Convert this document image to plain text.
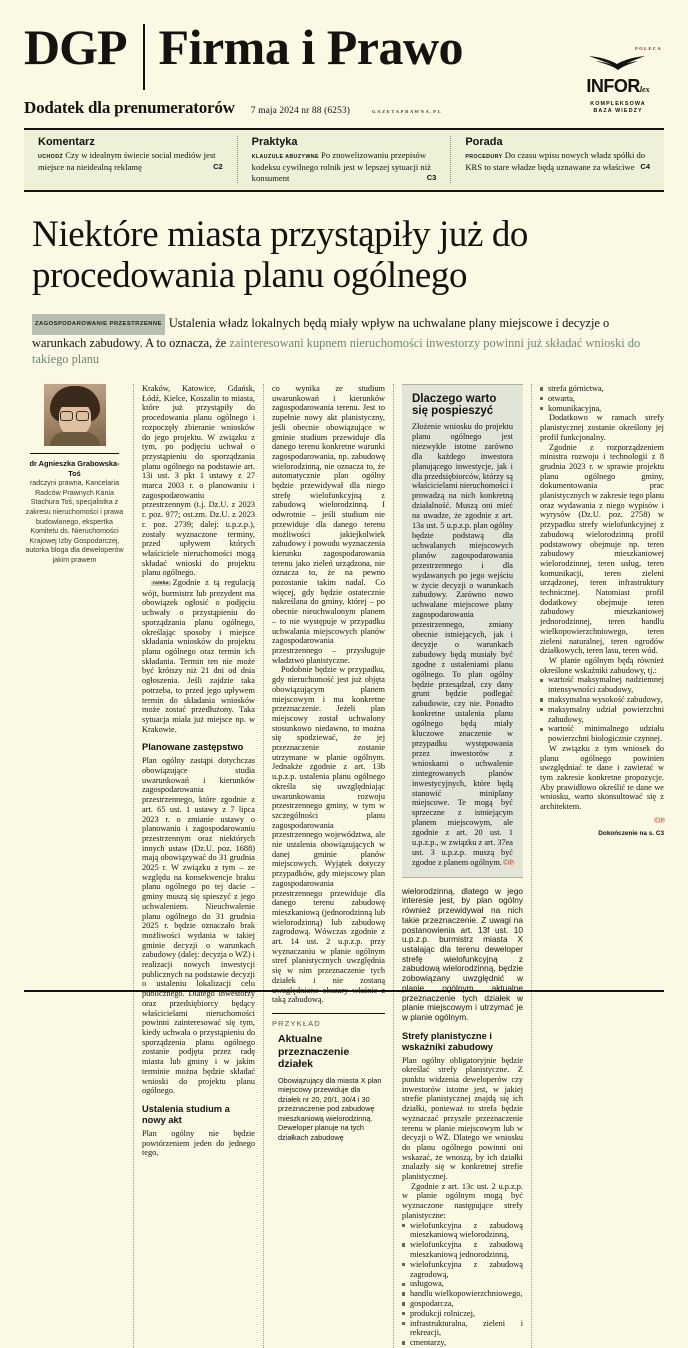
DGP Firma i Prawo
Dodatek dla prenumeratorów 7 maja 2024 nr 88 (6253)	GAZETAPRAWNA.PL
POLECA
INFORlex
KOMPLEKSOWA
BAZA WIEDZY
Komentarz
UCHODŹ Czy w idealnym świecie social mediów jest miejsce na nieidealną reklamę	C2
Praktyka
KLAUZULE ABUZYWNE Po znowelizowaniu przepisów kodeksu cywilnego rolnik jest w lepszej sytuacji niż konsument	C3
Porada
PROCEDURY Do czasu wpisu nowych władz spółki do KRS to stare władze będą uznawane za właściwe C4
Niektóre miasta przystąpiły już do procedowania planu ogólnego
ZAGOSPODAROWANIE PRZESTRZENNE Ustalenia władz lokalnych będą miały wpływ na uchwalane plany miejscowe i decyzje o warunkach zabudowy. A to oznacza, że zainteresowani kupnem nieruchomości inwestorzy powinni już składać wnioski do takiego planu
dr Agnieszka Grabowska-Toś
radczyni prawna, Kancelaria Radców Prawnych Kania Stachura Toś, specjalistka z zakresu nieruchomości i prawa budowlanego, ekspertka Komitetu ds. Nieruchomości Krajowej Izby Gospodarczej, autorka bloga dla deweloperów jakim prawem

Kraków, Katowice, Gdańsk, Łódź, Kielce, Koszalin to miasta, które już przystąpiły do procedowania planu ogólnego i rozpoczęły zbieranie wniosków do jego projektu. W związku z tym, po podjęciu uchwał o przystąpieniu do sporządzania planu ogólnego na podstawie art. 13i ust. 3 pkt 1 ustawy z 27 marca 2003 r. o planowaniu i zagospodarowaniu przestrzennym (t.j. Dz.U. z 2023 r. poz. 977; ost.zm. Dz.U. z 2023 r. poz. 2739; dalej: u.p.z.p.), zostały wyznaczone terminy, przed upływem których właściciele nieruchomości mogą składać wnioski do projektu planu ogólnego.

ramka Zgodnie z tą regulacją wójt, burmistrz lub prezydent ma obowiązek ogłosić o podjęciu uchwały o przystąpieniu do sporządzania planu ogólnego, określając sposoby i miejsce składania wniosków do projektu planu ogólnego oraz termin ich składania. Termin ten nie może być krótszy niż 21 dni od dnia ogłoszenia. Jeśli zajdzie taka potrzeba, to przed jego upływem termin do składania wniosków może zostać przedłużony. Taka sytuacja miała już miejsce np. w Krakowie.

Planowane zastępstwo

Plan ogólny zastąpi dotychczas obowiązujące studia uwarunkowań i kierunków zagospodarowania przestrzennego, które zgodnie z art. 65 ust. 1 ustawy z 7 lipca 2023 r. o zmianie ustawy o planowaniu i zagospodarowaniu przestrzennym oraz niektórych innych ustaw (Dz.U. poz. 1688) mają obowiązywać do 31 grudnia 2025 r. W związku z tym – ze względu na konsekwencje braku planu ogólnego po tej dacie – gminy muszą się spieszyć z jego uchwaleniem. Nieuchwalenie planu ogólnego do 31 grudnia 2025 r. będzie oznaczało brak możliwości wydania w takiej gminie decyzji o warunkach zabudowy (dalej: decyzja o WZ) i realizacji nowych inwestycji publicznych na podstawie decyzji o ustaleniu lokalizacji celu publicznego. Dlatego inwestorzy oraz przedsiębiorcy będący właścicielami nieruchomości powinni zainteresować się tym, kiedy uchwała o przystąpieniu do sporządzenia planu ogólnego zostanie podjęta przez radę miasta lub gminy i w jakim terminie można będzie składać wnioski do projektu planu ogólnego.

Ustalenia studium a nowy akt

Plan ogólny nie będzie powtórzeniem jeden do jednego tego,

co wynika ze studium uwarunkowań i kierunków zagospodarowania terenu. Jest to zupełnie nowy akt planistyczny, jeśli obecnie obowiązujące w gminie studium przewiduje dla danego terenu konkretne warunki zagospodarowania, np. zabudowę wielorodzinną, nie oznacza to, że automatycznie plan ogólny będzie przewidywał dla niego strefę wielofunkcyjną z zabudową wielorodzinną. I odwrotnie – jeśli studium nie przewiduje dla danego terenu możliwości jakiejkolwiek zabudowy i powodu wyznaczenia kierunku zagospodarowania terenu jako zieleń urządzona, nie oznacza to, że na pewno pozostanie takim nadal. Co więcej, gdy będzie ostatecznie nakreślana do gminy, której – po obecnie nieuchwalonym planem – to nie występuje w przypadku uchwalania miejscowych planów zagospodarowania przestrzennego – przysługuje władztwo planistyczne.

Podobnie będzie w przypadku, gdy nieruchomość jest już objęta obowiązującym planem miejscowym i ma konkretne przeznaczenie. Jeżeli plan miejscowy został uchwalony stosunkowo niedawno, to można się spodziewać, że jej przeznaczenie zostanie utrzymane w planie ogólnym. Jednakże zgodnie z art. 13b u.p.z.p. ustalenia planu ogólnego określa się uwzględniając uwarunkowania rozwoju przestrzennego gminy, w tym w szczególności planu zagospodarowania przestrzennego województwa, ale nie ustalenia obowiązujących w danej gminie planów miejscowych. Wyjątek dotyczy przypadków, gdy miejscowy plan zagospodarowania przestrzennego przewiduje dla danego terenu zabudowę mieszkaniową (jednorodzinną lub wielorodzinną) lub zabudowę zagrodową. Wówczas zgodnie z art. 14 ust. 2 u.p.z.p. przy wyznaczaniu w planie ogólnym stref planistycznych uwzględnia się w nim przeznaczenie tych działek i nie zostaną uwzględnione obszary właśnie z taką zabudową.

PRZYKŁAD
Aktualne przeznaczenie działek

Obowiązujący dla miasta X plan miejscowy przewiduje dla działek nr 20, 20/1, 30/4 i 30 przeznaczenie pod zabudowę mieszkaniową wielorodzinną. Deweloper planuje na tych działkach zabudowę

Dlaczego warto się pospieszyć

Złożenie wniosku do projektu planu ogólnego jest niezwykle istotne zarówno dla każdego inwestora planującego inwestycje, jak i dla przedsiębiorców, którzy są właścicielami nieruchomości i prowadzą na nich konkretną działalność. Muszą oni mieć na uwadze, że zgodnie z art. 13a ust. 5 u.p.z.p. plan ogólny będzie podstawą dla uchwalanych miejscowych planów zagospodarowania przestrzennego i dla wydawanych po jego wejściu w życie decyzji o warunkach zabudowy. Zarówno nowo uchwalane miejscowe plany zagospodarowania przestrzennego, zmiany obecnie istniejących, jak i decyzje o warunkach zabudowy będą musiały być zgodne z ustaleniami planu ogólnego. To plan ogólny będzie przesądzał, czy dany grunt będzie podlegać zabudowie, czy nie. Ponadto konkretne ustalenia planu ogólnego będą miały kluczowe znaczenie w przypadku występowania przez inwestorów z wnioskami o uchwalenie zintegrowanych planów inwestycyjnych, które będą stanowić miniplany miejscowe. Te mogą być sprzeczne z istniejącym planem miejscowym, ale zgodnie z art. 20 ust. 1 u.p.z.p., w związku z art. 37ea ust. 3 u.p.z.p. muszą być zgodne z planem ogólnym. ©℗

wielorodzinną, dlatego w jego interesie jest, by plan ogólny również przewidywał na nich takie przeznaczenie. Z uwagi na postanowienia art. 13f ust. 10 u.p.z.p. burmistrz miasta X ustalając dla terenu deweloper strefę wielofunkcyjną z zabudową wielorodzinną, będzie zobowiązany uwzględnić w planie ogólnym aktualne przeznaczenie tych działek w planie miejscowym i utrzymać je w planie ogólnym.

Strefy planistyczne i wskaźniki zabudowy

Plan ogólny obligatoryjnie będzie określać strefy planistyczne. Z punktu widzenia deweloperów czy inwestorów istotne jest, w jakiej strefie planistycznej znajdą się ich działki, ponieważ to strefa będzie wyznaczać przyszłe przeznaczenie terenu w planie miejscowym lub w decyzji o WZ. Dlatego we wniosku do planu ogólnego powinni oni wskazać, że wnoszą, by ich działki znalazły się w konkretnej strefie planistycznej.

Zgodnie z art. 13c ust. 2 u.p.z.p. w planie ogólnym mogą być wyznaczone następujące strefy planistyczne:

wielofunkcyjna z zabudową mieszkaniową wielorodzinną,
wielofunkcyjna z zabudową mieszkaniową jednorodzinną,
wielofunkcyjna z zabudową zagrodową,
usługowa,
handlu wielkopowierzchniowego,
gospodarcza,
produkcji rolniczej,
infrastrukturalna, zieleni i rekreacji,
cmentarzy,
strefa górnictwa,
otwarta,
komunikacyjna,

Dodatkowo w ramach strefy planistycznej zostanie określony jej profil funkcjonalny.

Zgodnie z rozporządzeniem ministra rozwoju i technologii z 8 grudnia 2023 r. w sprawie projektu planu ogólnego gminy, dokumentowania prac planistycznych w zakresie tego planu oraz wydawania z niego wypisów i wyrysów (Dz.U. poz. 2758) w przypadku strefy wielofunkcyjnej z zabudową wielorodzinną profil podstawowy obejmuje np. teren zabudowy mieszkaniowej wielorodzinnej, teren usług, teren komunikacji, teren zieleni urządzonej, teren infrastruktury technicznej. Natomiast profil dodatkowy obejmuje teren zabudowy mieszkaniowej jednorodzinnej, teren handlu wielkopowierzchniowego, teren zieleni naturalnej, teren ogrodów działkowych, teren lasu, teren wód.

W planie ogólnym będą również określone wskaźniki zabudowy, tj.:

wartość maksymalnej nadziemnej intensywności zabudowy,
maksymalna wysokość zabudowy,
maksymalny udział powierzchni zabudowy,
wartość minimalnego udziału powierzchni biologicznie czynnej.

W związku z tym wniosek do planu ogólnego powinien uwzględniać te dane i zawierać w tym zakresie konkretne propozycje. Aby prawidłowo określić te dane we wniosku, warto skonsultować się z architektem.

©℗
Dokończenie na s. C3
